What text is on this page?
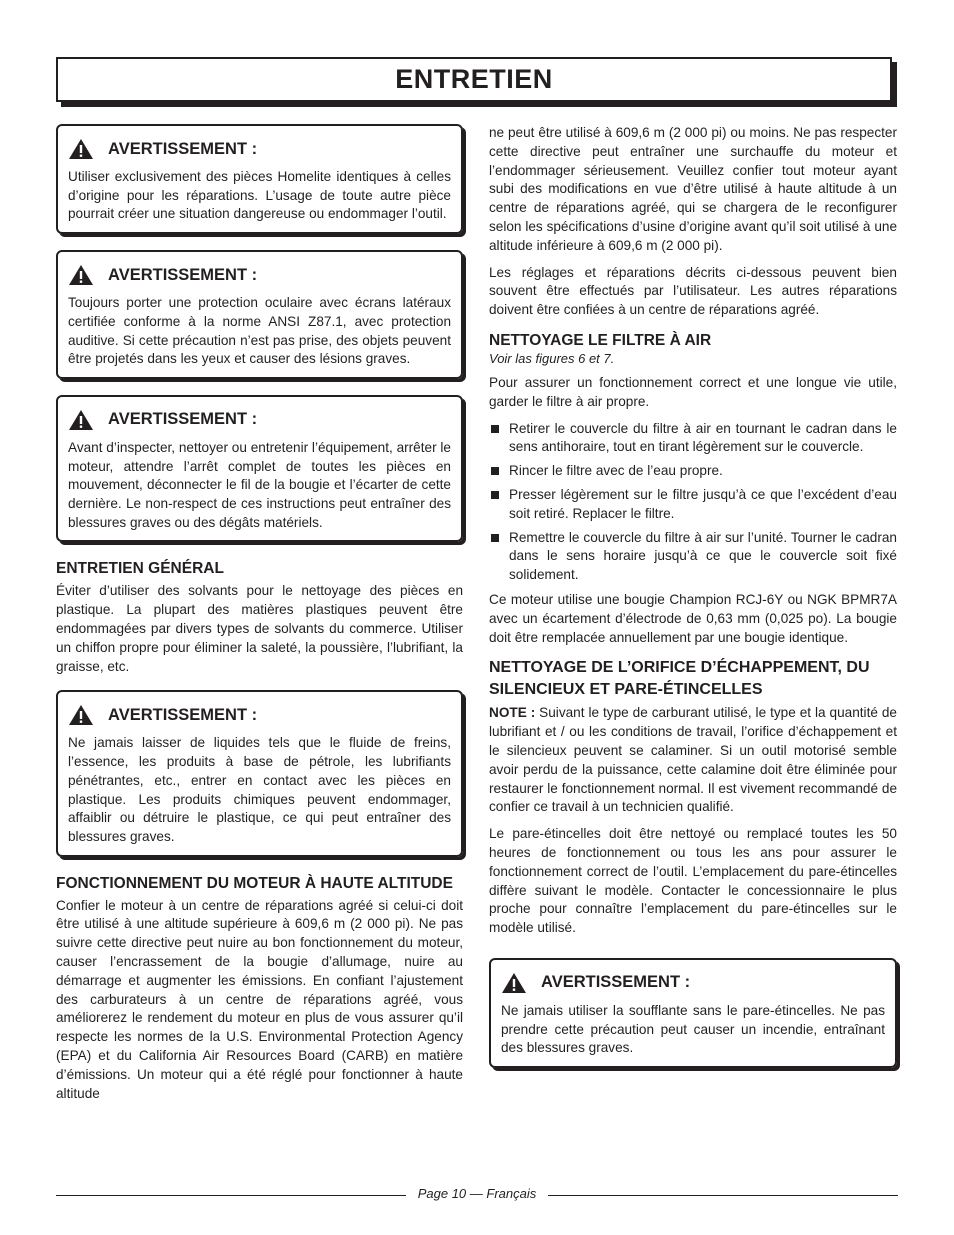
ENTRETIEN
AVERTISSEMENT :

Utiliser exclusivement des pièces Homelite identiques à celles d’origine pour les réparations. L’usage de toute autre pièce pourrait créer une situation dangereuse ou endommager l’outil.

AVERTISSEMENT :

Toujours porter une protection oculaire avec écrans latéraux certifiée conforme à la norme ANSI Z87.1, avec protection auditive. Si cette précaution n’est pas prise, des objets peuvent être projetés dans les yeux et causer des lésions graves.

AVERTISSEMENT :

Avant d’inspecter, nettoyer ou entretenir l’équipement, arrêter le moteur, attendre l’arrêt complet de toutes les pièces en mouvement, déconnecter le fil de la bougie et l’écarter de cette dernière. Le non-respect de ces instructions peut entraîner des blessures graves ou des dégâts matériels.

ENTRETIEN GÉNÉRAL

Éviter d’utiliser des solvants pour le nettoyage des pièces en plastique. La plupart des matières plastiques peuvent être endommagées par divers types de solvants du commerce. Utiliser un chiffon propre pour éliminer la saleté, la poussière, l’lubrifiant, la graisse, etc.

AVERTISSEMENT :

Ne jamais laisser de liquides tels que le fluide de freins, l’essence, les produits à base de pétrole, les lubrifiants pénétrantes, etc., entrer en contact avec les pièces en plastique. Les produits chimiques peuvent endommager, affaiblir ou détruire le plastique, ce qui peut entraîner des blessures graves.

FONCTIONNEMENT DU MOTEUR À HAUTE ALTITUDE

Confier le moteur à un centre de réparations agréé si celui-ci doit être utilisé à une altitude supérieure à 609,6 m (2 000 pi). Ne pas suivre cette directive peut nuire au bon fonctionnement du moteur, causer l’encrassement de la bougie d’allumage, nuire au démarrage et augmenter les émissions. En confiant l’ajustement des carburateurs à un centre de réparations agréé, vous améliorerez le rendement du moteur en plus de vous assurer qu’il respecte les normes de la U.S. Environmental Protection Agency (EPA) et du California Air Resources Board (CARB) en matière d’émissions. Un moteur qui a été réglé pour fonctionner à haute altitude

ne peut être utilisé à 609,6 m (2 000 pi) ou moins. Ne pas respecter cette directive peut entraîner une surchauffe du moteur et l’endommager sérieusement. Veuillez confier tout moteur ayant subi des modifications en vue d’être utilisé à haute altitude à un centre de réparations agréé, qui se chargera de le reconfigurer selon les spécifications d’usine d’origine avant qu’il soit utilisé à une altitude inférieure à 609,6 m (2 000 pi).

Les réglages et réparations décrits ci-dessous peuvent bien souvent être effectués par l’utilisateur. Les autres réparations doivent être confiées à un centre de réparations agréé.

NETTOYAGE LE FILTRE À AIR
Voir las figures 6 et 7.

Pour assurer un fonctionnement correct et une longue vie utile, garder le filtre à air propre.

Retirer le couvercle du filtre à air en tournant le cadran dans le sens antihoraire, tout en tirant légèrement sur le couvercle.
Rincer le filtre avec de l’eau propre.
Presser légèrement sur le filtre jusqu’à ce que l’excédent d’eau soit retiré. Replacer le filtre.
Remettre le couvercle du filtre à air sur l’unité. Tourner le cadran dans le sens horaire jusqu’à ce que le couvercle soit fixé solidement.

Ce moteur utilise une bougie Champion RCJ-6Y ou NGK BPMR7A avec un écartement d’électrode de 0,63 mm (0,025 po). La bougie doit être remplacée annuellement par une bougie identique.

NETTOYAGE DE L’ORIFICE D’ÉCHAPPEMENT, DU SILENCIEUX ET PARE-ÉTINCELLES

NOTE : Suivant le type de carburant utilisé, le type et la quantité de lubrifiant et / ou les conditions de travail, l’orifice d’échappement et le silencieux peuvent se calaminer. Si un outil motorisé semble avoir perdu de la puissance, cette calamine doit être éliminée pour restaurer le fonctionnement normal. Il est vivement recommandé de confier ce travail à un technicien qualifié.

Le pare-étincelles doit être nettoyé ou remplacé toutes les 50 heures de fonctionnement ou tous les ans pour assurer le fonctionnement correct de l’outil. L’emplacement du pare-étincelles diffère suivant le modèle. Contacter le concessionnaire le plus proche pour connaître l’emplacement du pare-étincelles sur le modèle utilisé.

AVERTISSEMENT :

Ne jamais utiliser la soufflante sans le pare-étincelles. Ne pas prendre cette précaution peut causer un incendie, entraînant des blessures graves.

Page 10 — Français
